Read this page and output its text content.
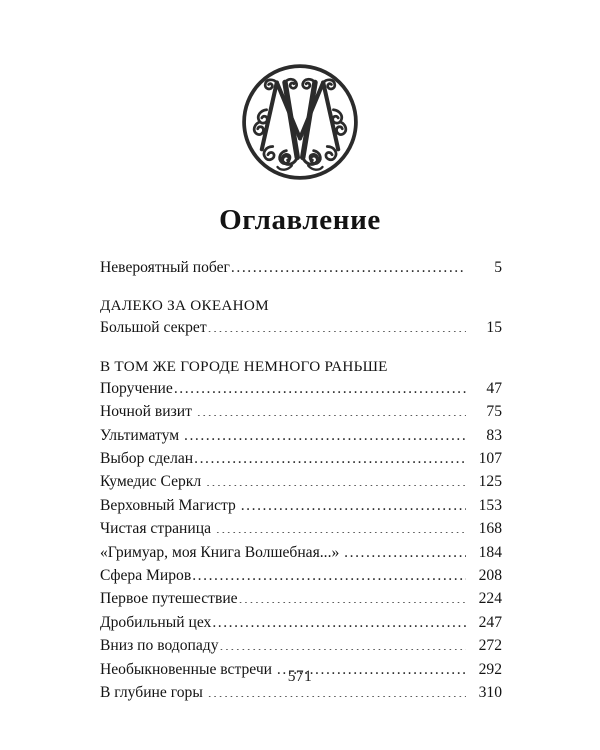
Оглавление
Невероятный побег .....	5
ДАЛЕКО ЗА ОКЕАНОМ
Большой секрет .....	15
В ТОМ ЖЕ ГОРОДЕ НЕМНОГО РАНЬШЕ
Поручение .....	47
Ночной визит .....	75
Ультиматум .....	83
Выбор сделан .....	107
Кумедис Серкл .....	125
Верховный Магистр .....	153
Чистая страница .....	168
«Гримуар, моя Книга Волшебная...» .....	184
Сфера Миров .....	208
Первое путешествие .....	224
Дробильный цех .....	247
Вниз по водопаду .....	272
Необыкновенные встречи .....	292
В глубине горы .....	310
571
